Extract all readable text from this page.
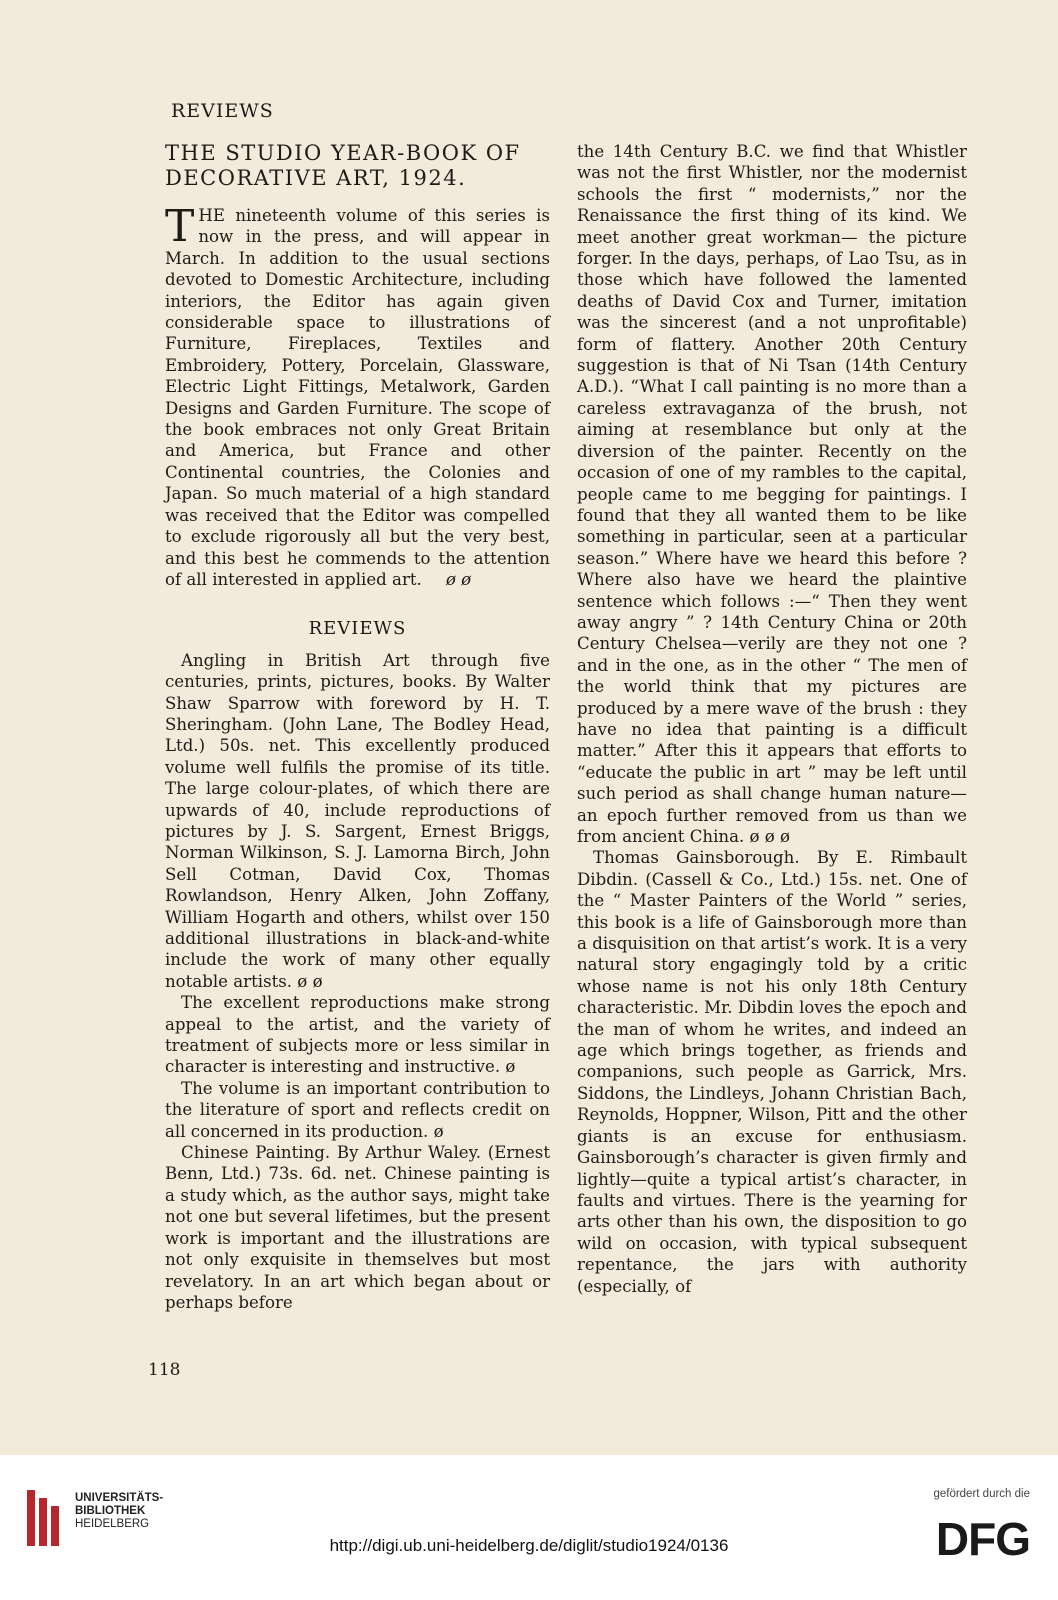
REVIEWS
THE STUDIO YEAR-BOOK OF DECORATIVE ART, 1924.

THE nineteenth volume of this series is now in the press, and will appear in March. In addition to the usual sections devoted to Domestic Architecture, including interiors, the Editor has again given considerable space to illustrations of Furniture, Fireplaces, Textiles and Embroidery, Pottery, Porcelain, Glassware, Electric Light Fittings, Metalwork, Garden Designs and Garden Furniture. The scope of the book embraces not only Great Britain and America, but France and other Continental countries, the Colonies and Japan. So much material of a high standard was received that the Editor was compelled to exclude rigorously all but the very best, and this best he commends to the attention of all interested in applied art. ø ø

REVIEWS

Angling in British Art through five centuries, prints, pictures, books. By Walter Shaw Sparrow with foreword by H. T. Sheringham. (John Lane, The Bodley Head, Ltd.) 50s. net. This excellently produced volume well fulfils the promise of its title. The large colour-plates, of which there are upwards of 40, include reproductions of pictures by J. S. Sargent, Ernest Briggs, Norman Wilkinson, S. J. Lamorna Birch, John Sell Cotman, David Cox, Thomas Rowlandson, Henry Alken, John Zoffany, William Hogarth and others, whilst over 150 additional illustrations in black-and-white include the work of many other equally notable artists. ø ø

The excellent reproductions make strong appeal to the artist, and the variety of treatment of subjects more or less similar in character is interesting and instructive. ø

The volume is an important contribution to the literature of sport and reflects credit on all concerned in its production. ø

Chinese Painting. By Arthur Waley. (Ernest Benn, Ltd.) 73s. 6d. net. Chinese painting is a study which, as the author says, might take not one but several lifetimes, but the present work is important and the illustrations are not only exquisite in themselves but most revelatory. In an art which began about or perhaps before

the 14th Century B.C. we find that Whistler was not the first Whistler, nor the modernist schools the first “ modernists,” nor the Renaissance the first thing of its kind. We meet another great workman— the picture forger. In the days, perhaps, of Lao Tsu, as in those which have followed the lamented deaths of David Cox and Turner, imitation was the sincerest (and a not unprofitable) form of flattery. Another 20th Century suggestion is that of Ni Tsan (14th Century A.D.). “What I call painting is no more than a careless extravaganza of the brush, not aiming at resemblance but only at the diversion of the painter. Recently on the occasion of one of my rambles to the capital, people came to me begging for paintings. I found that they all wanted them to be like something in particular, seen at a particular season.” Where have we heard this before ? Where also have we heard the plaintive sentence which follows :—“ Then they went away angry ” ? 14th Century China or 20th Century Chelsea—verily are they not one ? and in the one, as in the other “ The men of the world think that my pictures are produced by a mere wave of the brush : they have no idea that painting is a difficult matter.” After this it appears that efforts to “educate the public in art ” may be left until such period as shall change human nature—an epoch further removed from us than we from ancient China. ø ø ø

Thomas Gainsborough. By E. Rimbault Dibdin. (Cassell & Co., Ltd.) 15s. net. One of the “ Master Painters of the World ” series, this book is a life of Gainsborough more than a disquisition on that artist’s work. It is a very natural story engagingly told by a critic whose name is not his only 18th Century characteristic. Mr. Dibdin loves the epoch and the man of whom he writes, and indeed an age which brings together, as friends and companions, such people as Garrick, Mrs. Siddons, the Lindleys, Johann Christian Bach, Reynolds, Hoppner, Wilson, Pitt and the other giants is an excuse for enthusiasm. Gainsborough’s character is given firmly and lightly—quite a typical artist’s character, in faults and virtues. There is the yearning for arts other than his own, the disposition to go wild on occasion, with typical subsequent repentance, the jars with authority (especially, of

118
UNIVERSITÄTS-
BIBLIOTHEK
HEIDELBERG
http://digi.ub.uni-heidelberg.de/diglit/studio1924/0136
gefördert durch die
DFG
